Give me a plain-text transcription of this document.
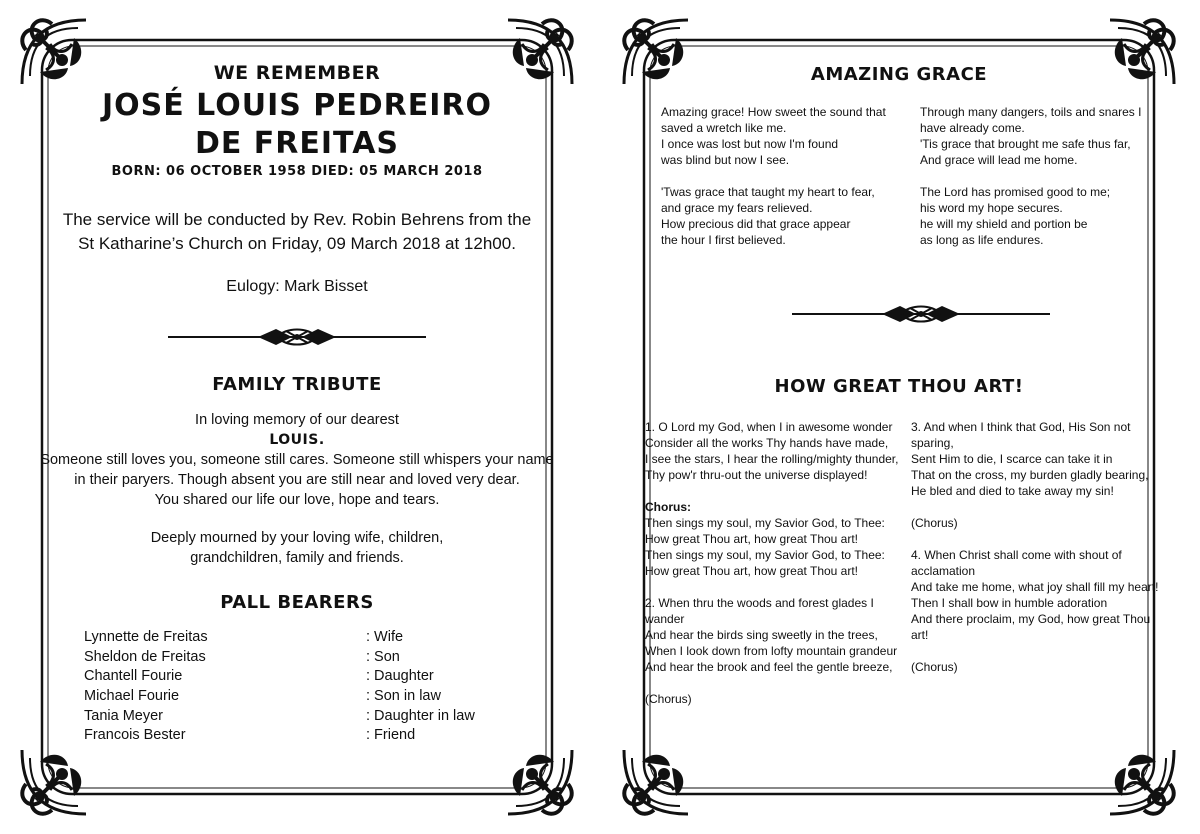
WE REMEMBER
JOSÉ LOUIS PEDREIRO
DE FREITAS
BORN: 06 OCTOBER 1958 DIED: 05 MARCH 2018
The service will be conducted by Rev. Robin Behrens from the
St Katharine’s Church on Friday, 09 March 2018 at 12h00.
Eulogy: Mark Bisset
FAMILY TRIBUTE
In loving memory of our dearest
LOUIS.
Someone still loves you, someone still cares. Someone still whispers your name
in their paryers. Though absent you are still near and loved very dear.
You shared our life our love, hope and tears.
Deeply mourned by your loving wife, children,
grandchildren, family and friends.
PALL BEARERS
Lynnette de Freitas	: Wife
Sheldon de Freitas	: Son
Chantell Fourie	: Daughter
Michael Fourie	: Son in law
Tania Meyer	: Daughter in law
Francois Bester	: Friend
AMAZING GRACE

Amazing grace! How sweet the sound that
saved a wretch like me.
I once was lost but now I'm found
was blind but now I see.

'Twas grace that taught my heart to fear,
and grace my fears relieved.
How precious did that grace appear
the hour I first believed.

Through many dangers, toils and snares I
have already come.
'Tis grace that brought me safe thus far,
And grace will lead me home.

The Lord has promised good to me;
his word my hope secures.
he will my shield and portion be
as long as life endures.

HOW GREAT THOU ART!

1. O Lord my God, when I in awesome wonder
Consider all the works Thy hands have made,
I see the stars, I hear the rolling/mighty thunder,
Thy pow'r thru-out the universe displayed!

Chorus:
Then sings my soul, my Savior God, to Thee:
How great Thou art, how great Thou art!
Then sings my soul, my Savior God, to Thee:
How great Thou art, how great Thou art!

2. When thru the woods and forest glades I
wander
And hear the birds sing sweetly in the trees,
When I look down from lofty mountain grandeur
And hear the brook and feel the gentle breeze,

(Chorus)

3. And when I think that God, His Son not
sparing,
Sent Him to die, I scarce can take it in
That on the cross, my burden gladly bearing,
He bled and died to take away my sin!

(Chorus)

4. When Christ shall come with shout of
acclamation
And take me home, what joy shall fill my heart!
Then I shall bow in humble adoration
And there proclaim, my God, how great Thou
art!

(Chorus)
